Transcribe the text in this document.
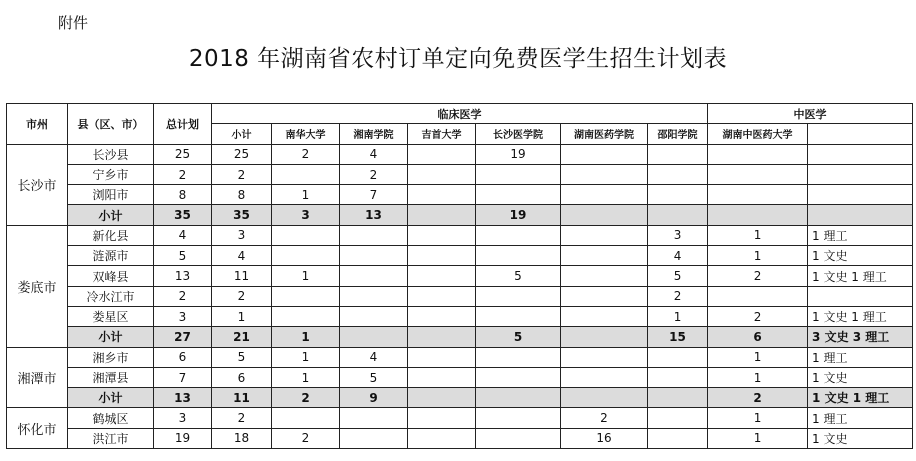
附件
2018 年湖南省农村订单定向免费医学生招生计划表
市州	县（区、市）	总计划	临床医学							中医学	
			小计	南华大学	湘南学院	吉首大学	长沙医学院	湖南医药学院	邵阳学院	湖南中医药大学	
长沙市	长沙县	25	25	2	4		19				
	宁乡市	2	2		2						
	浏阳市	8	8	1	7						
	小计	35	35	3	13		19				
娄底市	新化县	4	3						3	1	1 理工
	涟源市	5	4						4	1	1 文史
	双峰县	13	11	1			5		5	2	1 文史 1 理工
	冷水江市	2	2						2		
	娄星区	3	1						1	2	1 文史 1 理工
	小计	27	21	1			5		15	6	3 文史 3 理工
湘潭市	湘乡市	6	5	1	4					1	1 理工
	湘潭县	7	6	1	5					1	1 文史
	小计	13	11	2	9					2	1 文史 1 理工
怀化市	鹤城区	3	2					2		1	1 理工
	洪江市	19	18	2				16		1	1 文史
